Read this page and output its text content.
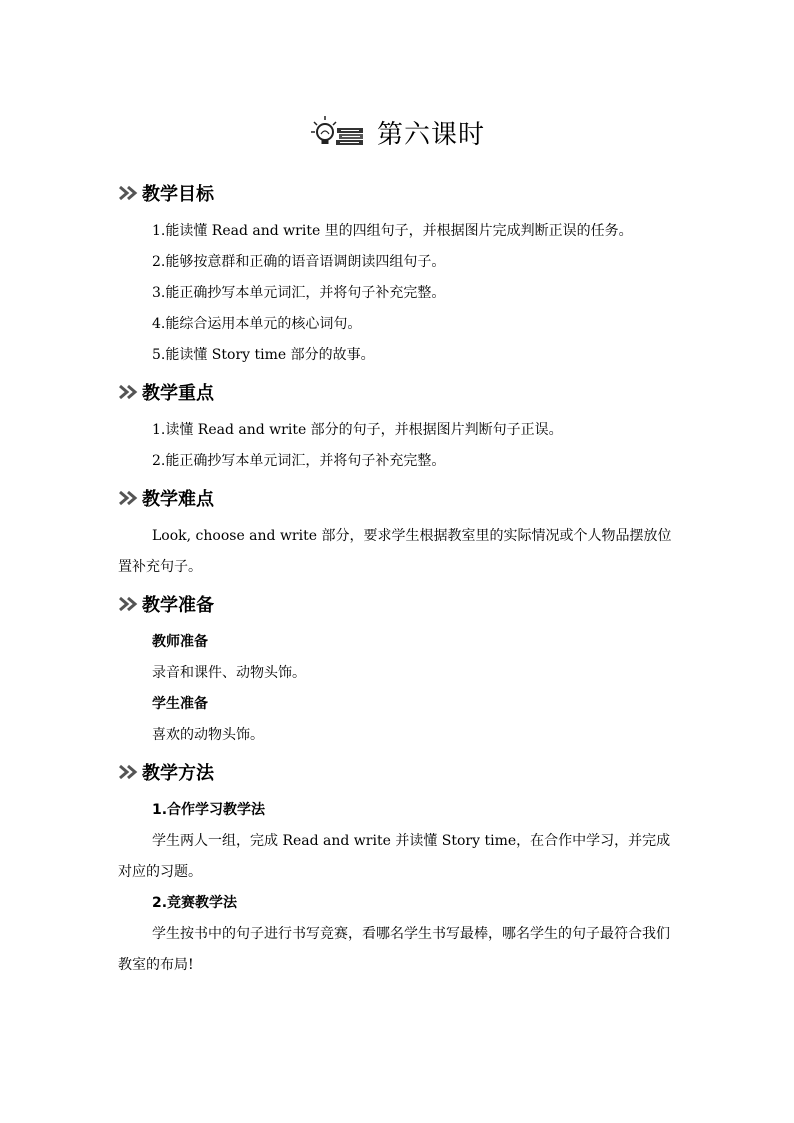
第六课时
教学目标
1.能读懂 Read and write 里的四组句子，并根据图片完成判断正误的任务。
2.能够按意群和正确的语音语调朗读四组句子。
3.能正确抄写本单元词汇，并将句子补充完整。
4.能综合运用本单元的核心词句。
5.能读懂 Story time 部分的故事。
教学重点
1.读懂 Read and write 部分的句子，并根据图片判断句子正误。
2.能正确抄写本单元词汇，并将句子补充完整。
教学难点
Look, choose and write 部分，要求学生根据教室里的实际情况或个人物品摆放位置补充句子。
教学准备
教师准备
录音和课件、动物头饰。
学生准备
喜欢的动物头饰。
教学方法
1.合作学习教学法
学生两人一组，完成 Read and write 并读懂 Story time，在合作中学习，并完成对应的习题。
2.竞赛教学法
学生按书中的句子进行书写竞赛，看哪名学生书写最棒，哪名学生的句子最符合我们教室的布局!
